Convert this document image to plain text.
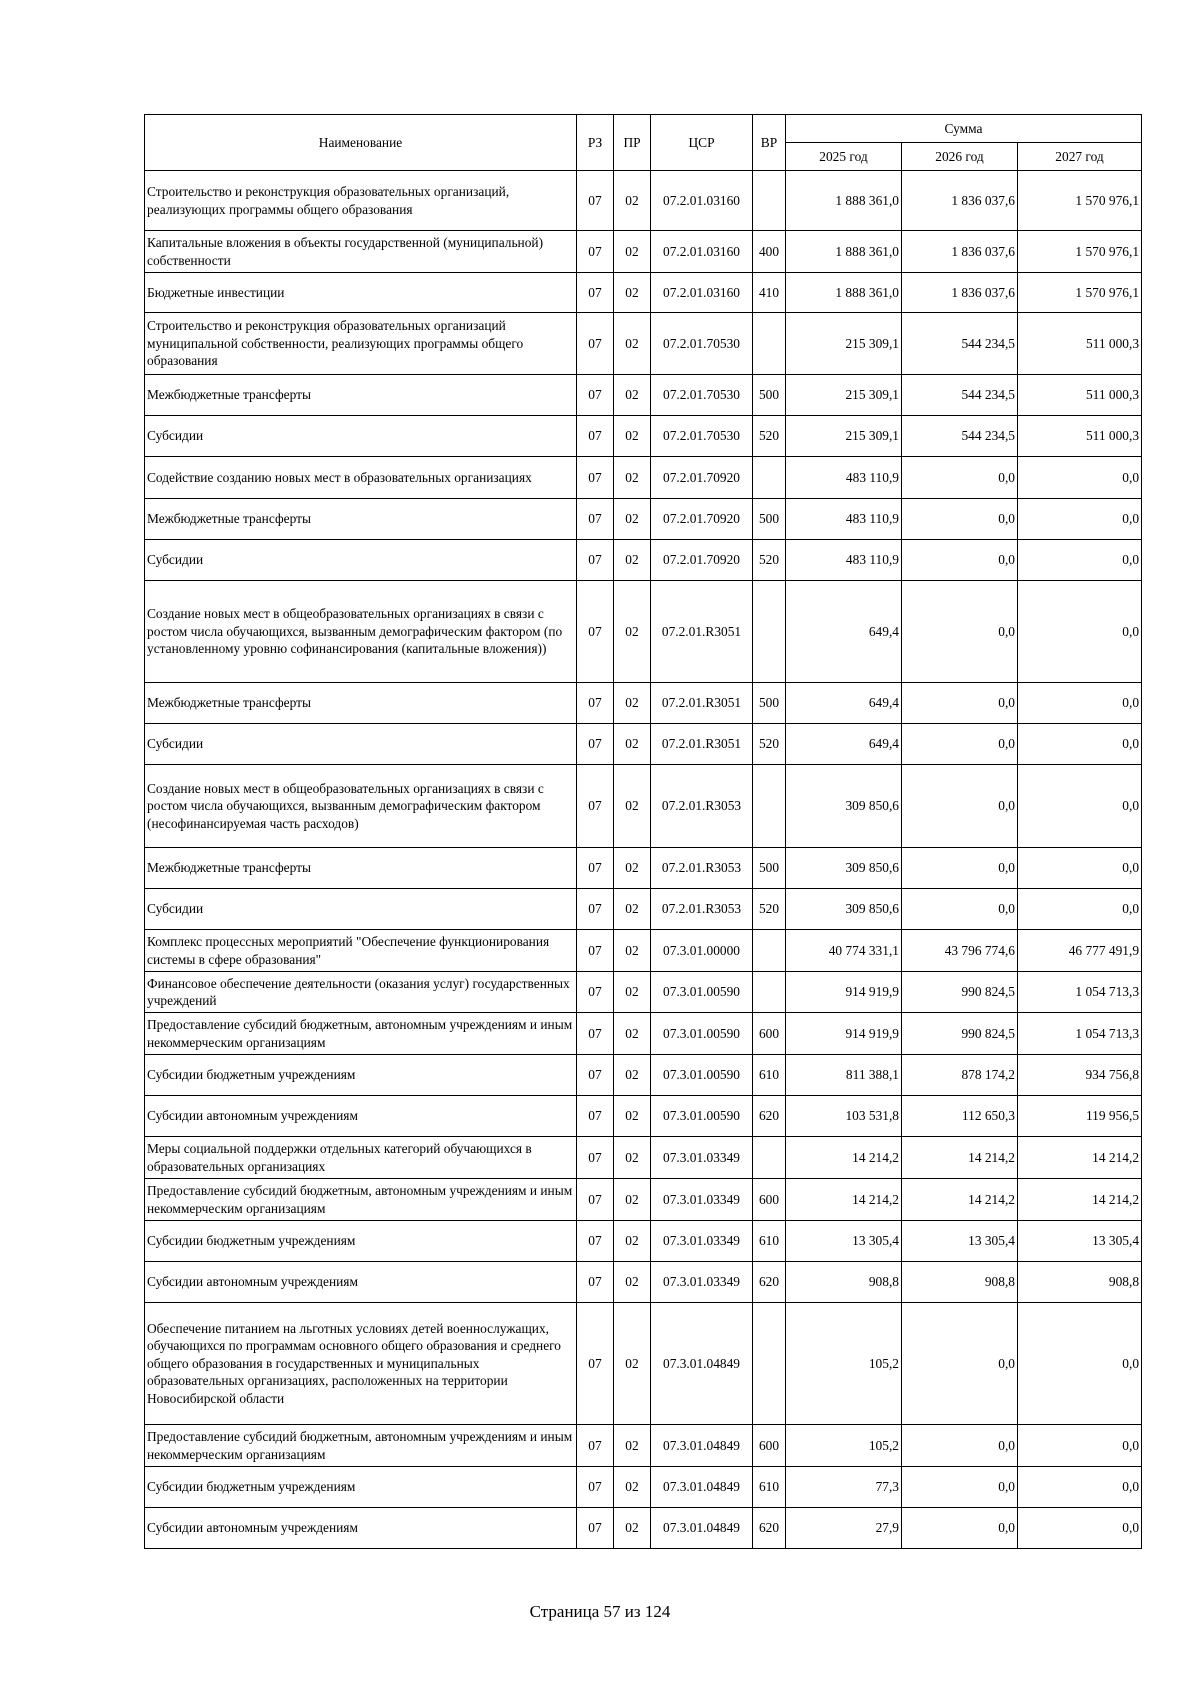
Наименование	РЗ	ПР	ЦСР	ВР	Сумма		
					2025 год	2026 год	2027 год
Строительство и реконструкция образовательных организаций, реализующих программы общего образования	07	02	07.2.01.03160		1 888 361,0	1 836 037,6	1 570 976,1
Капитальные вложения в объекты государственной (муниципальной) собственности	07	02	07.2.01.03160	400	1 888 361,0	1 836 037,6	1 570 976,1
Бюджетные инвестиции	07	02	07.2.01.03160	410	1 888 361,0	1 836 037,6	1 570 976,1
Строительство и реконструкция образовательных организаций муниципальной собственности, реализующих программы общего образования	07	02	07.2.01.70530		215 309,1	544 234,5	511 000,3
Межбюджетные трансферты	07	02	07.2.01.70530	500	215 309,1	544 234,5	511 000,3
Субсидии	07	02	07.2.01.70530	520	215 309,1	544 234,5	511 000,3
Содействие созданию новых мест в образовательных организациях	07	02	07.2.01.70920		483 110,9	0,0	0,0
Межбюджетные трансферты	07	02	07.2.01.70920	500	483 110,9	0,0	0,0
Субсидии	07	02	07.2.01.70920	520	483 110,9	0,0	0,0
Создание новых мест в общеобразовательных организациях в связи с ростом числа обучающихся, вызванным демографическим фактором (по установленному уровню софинансирования (капитальные вложения))	07	02	07.2.01.R3051		649,4	0,0	0,0
Межбюджетные трансферты	07	02	07.2.01.R3051	500	649,4	0,0	0,0
Субсидии	07	02	07.2.01.R3051	520	649,4	0,0	0,0
Создание новых мест в общеобразовательных организациях в связи с ростом числа обучающихся, вызванным демографическим фактором (несофинансируемая часть расходов)	07	02	07.2.01.R3053		309 850,6	0,0	0,0
Межбюджетные трансферты	07	02	07.2.01.R3053	500	309 850,6	0,0	0,0
Субсидии	07	02	07.2.01.R3053	520	309 850,6	0,0	0,0
Комплекс процессных мероприятий "Обеспечение функционирования системы в сфере образования"	07	02	07.3.01.00000		40 774 331,1	43 796 774,6	46 777 491,9
Финансовое обеспечение деятельности (оказания услуг) государственных учреждений	07	02	07.3.01.00590		914 919,9	990 824,5	1 054 713,3
Предоставление субсидий бюджетным, автономным учреждениям и иным некоммерческим организациям	07	02	07.3.01.00590	600	914 919,9	990 824,5	1 054 713,3
Субсидии бюджетным учреждениям	07	02	07.3.01.00590	610	811 388,1	878 174,2	934 756,8
Субсидии автономным учреждениям	07	02	07.3.01.00590	620	103 531,8	112 650,3	119 956,5
Меры социальной поддержки отдельных категорий обучающихся в образовательных организациях	07	02	07.3.01.03349		14 214,2	14 214,2	14 214,2
Предоставление субсидий бюджетным, автономным учреждениям и иным некоммерческим организациям	07	02	07.3.01.03349	600	14 214,2	14 214,2	14 214,2
Субсидии бюджетным учреждениям	07	02	07.3.01.03349	610	13 305,4	13 305,4	13 305,4
Субсидии автономным учреждениям	07	02	07.3.01.03349	620	908,8	908,8	908,8
Обеспечение питанием на льготных условиях детей военнослужащих, обучающихся по программам основного общего образования и среднего общего образования в государственных и муниципальных образовательных организациях, расположенных на территории Новосибирской области	07	02	07.3.01.04849		105,2	0,0	0,0
Предоставление субсидий бюджетным, автономным учреждениям и иным некоммерческим организациям	07	02	07.3.01.04849	600	105,2	0,0	0,0
Субсидии бюджетным учреждениям	07	02	07.3.01.04849	610	77,3	0,0	0,0
Субсидии автономным учреждениям	07	02	07.3.01.04849	620	27,9	0,0	0,0
Страница 57 из 124
